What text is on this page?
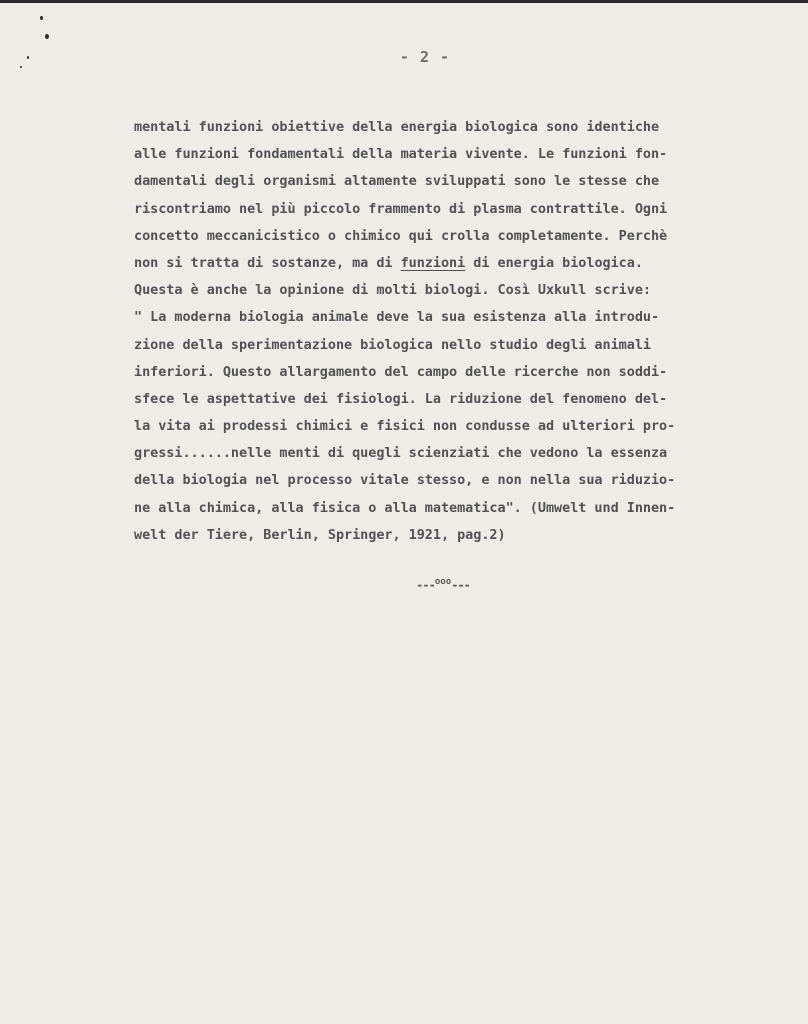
- 2 -
mentali funzioni obiettive della energia biologica sono identiche
alle funzioni fondamentali della materia vivente. Le funzioni fon-
damentali degli organismi altamente sviluppati sono le stesse che
riscontriamo nel più piccolo frammento di plasma contrattile. Ogni
concetto meccanicistico o chimico qui crolla completamente. Perchè
non si tratta di sostanze, ma di funzioni di energia biologica.
Questa è anche la opinione di molti biologi. Così Uxkull scrive:
" La moderna biologia animale deve la sua esistenza alla introdu-
zione della sperimentazione biologica nello studio degli animali
inferiori. Questo allargamento del campo delle ricerche non soddi-
sfece le aspettative dei fisiologi. La riduzione del fenomeno del-
la vita ai prodessi chimici e fisici non condusse ad ulteriori pro-
gressi......nelle menti di quegli scienziati che vedono la essenza
della biologia nel processo vitale stesso, e non nella sua riduzio-
ne alla chimica, alla fisica o alla matematica". (Umwelt und Innen-
welt der Tiere, Berlin, Springer, 1921, pag.2)
---$^{ooo}$---
